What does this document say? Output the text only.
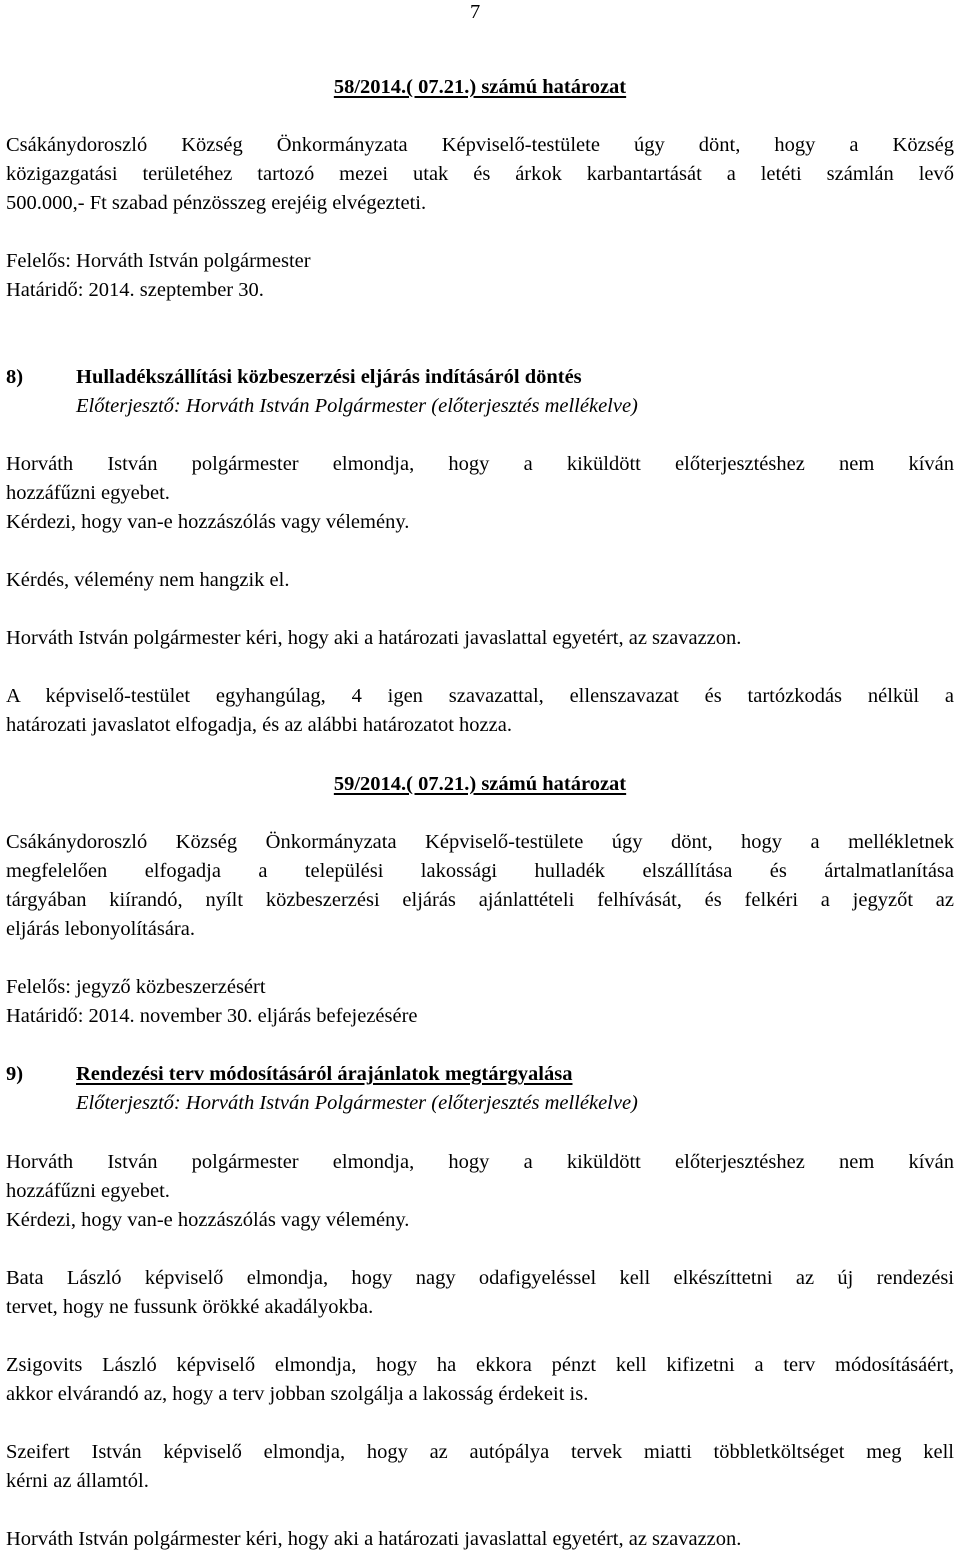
7
58/2014.( 07.21.) számú határozat
Csákánydoroszló Község Önkormányzata Képviselő-testülete úgy dönt, hogy a Község
közigazgatási területéhez tartozó mezei utak és árkok karbantartását a letéti számlán levő
500.000,- Ft szabad pénzösszeg erejéig elvégezteti.
Felelős: Horváth István polgármester
Határidő: 2014. szeptember 30.
8)	Hulladékszállítási közbeszerzési eljárás indításáról döntés
Előterjesztő: Horváth István Polgármester (előterjesztés mellékelve)
Horváth István polgármester elmondja, hogy a kiküldött előterjesztéshez nem kíván
hozzáfűzni egyebet.
Kérdezi, hogy van-e hozzászólás vagy vélemény.
Kérdés, vélemény nem hangzik el.
Horváth István polgármester kéri, hogy aki a határozati javaslattal egyetért, az szavazzon.
A képviselő-testület egyhangúlag, 4 igen szavazattal, ellenszavazat és tartózkodás nélkül a
határozati javaslatot elfogadja, és az alábbi határozatot hozza.
59/2014.( 07.21.) számú határozat
Csákánydoroszló Község Önkormányzata Képviselő-testülete úgy dönt, hogy a mellékletnek
megfelelően elfogadja a települési lakossági hulladék elszállítása és ártalmatlanítása
tárgyában kiírandó, nyílt közbeszerzési eljárás ajánlattételi felhívását, és felkéri a jegyzőt az
eljárás lebonyolítására.
Felelős: jegyző közbeszerzésért
Határidő: 2014. november 30. eljárás befejezésére
9)	Rendezési terv módosításáról árajánlatok megtárgyalása
Előterjesztő: Horváth István Polgármester (előterjesztés mellékelve)
Horváth István polgármester elmondja, hogy a kiküldött előterjesztéshez nem kíván
hozzáfűzni egyebet.
Kérdezi, hogy van-e hozzászólás vagy vélemény.
Bata László képviselő elmondja, hogy nagy odafigyeléssel kell elkészíttetni az új rendezési
tervet, hogy ne fussunk örökké akadályokba.
Zsigovits László képviselő elmondja, hogy ha ekkora pénzt kell kifizetni a terv módosításáért,
akkor elvárandó az, hogy a terv jobban szolgálja a lakosság érdekeit is.
Szeifert István képviselő elmondja, hogy az autópálya tervek miatti többletköltséget meg kell
kérni az államtól.
Horváth István polgármester kéri, hogy aki a határozati javaslattal egyetért, az szavazzon.
